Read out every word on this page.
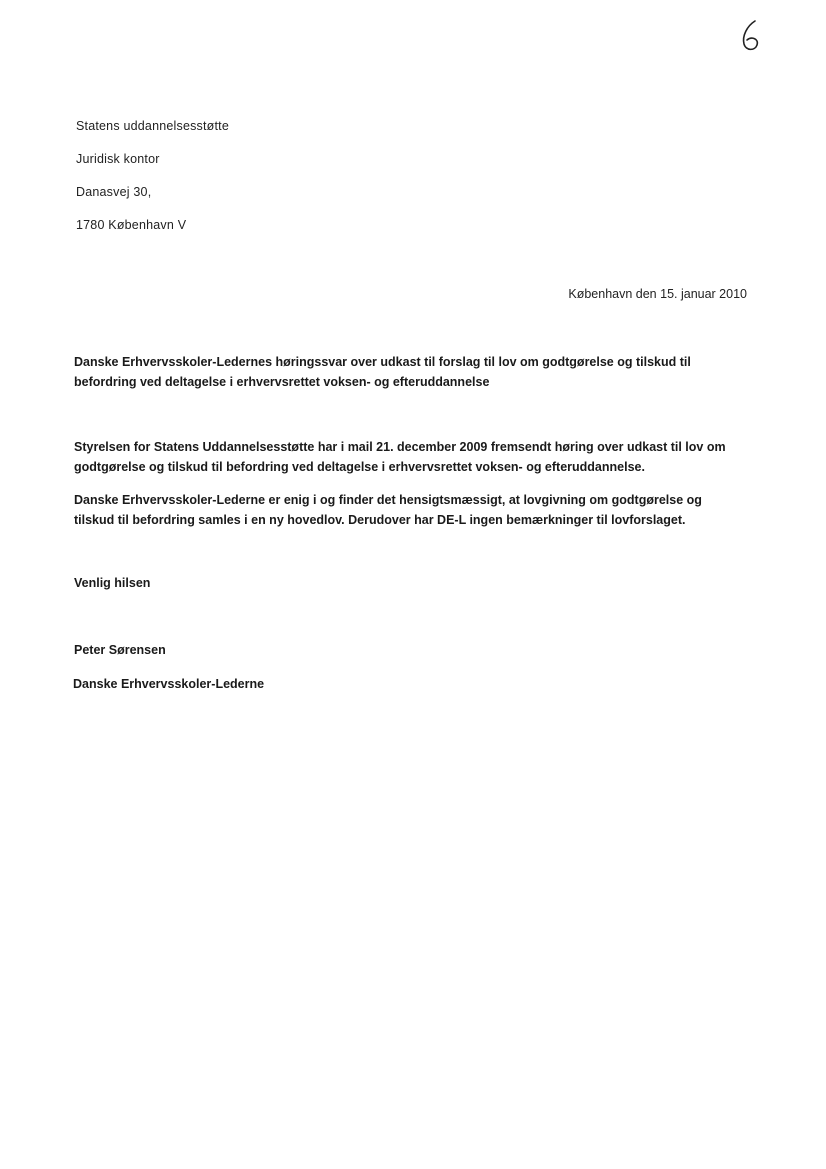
Statens uddannelsesstøtte
Juridisk kontor
Danasvej 30,
1780 København V
København den 15. januar 2010
Danske Erhvervsskoler-Ledernes høringssvar over udkast til forslag til lov om godtgørelse og tilskud til befordring ved deltagelse i erhvervsrettet voksen- og efteruddannelse
Styrelsen for Statens Uddannelsesstøtte har i mail 21. december 2009 fremsendt høring over udkast til lov om godtgørelse og tilskud til befordring ved deltagelse i erhvervsrettet voksen- og efteruddannelse.
Danske Erhvervsskoler-Lederne er enig i og finder det hensigtsmæssigt, at lovgivning om godtgørelse og tilskud til befordring samles i en ny hovedlov. Derudover har DE-L ingen bemærkninger til lovforslaget.
Venlig hilsen
Peter Sørensen
Danske Erhvervsskoler-Lederne
